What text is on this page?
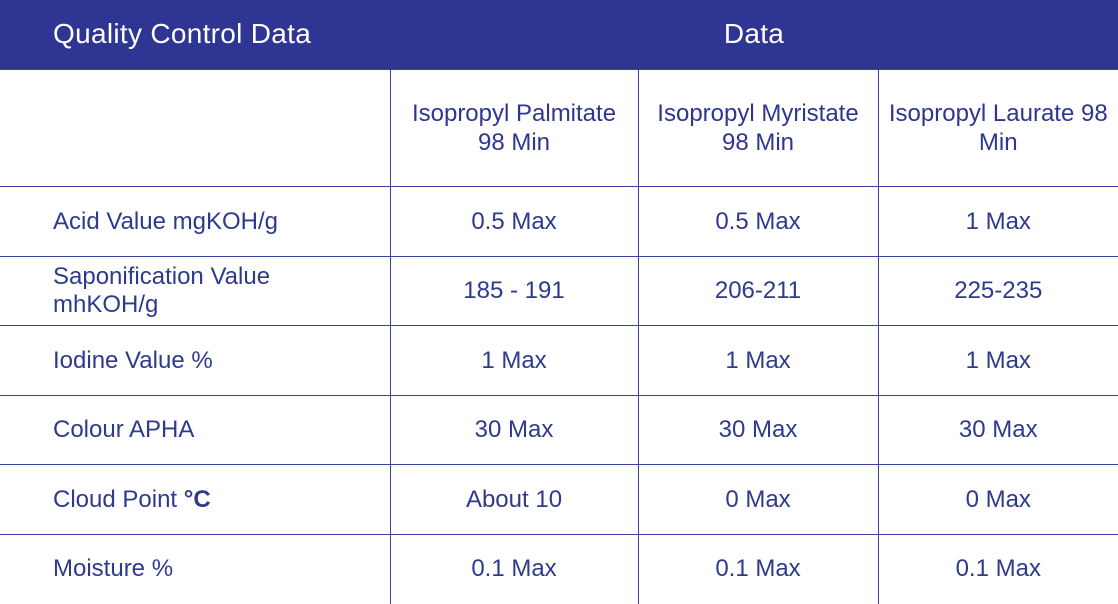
Quality Control Data	Data		
	Isopropyl Palmitate 98 Min	Isopropyl Myristate 98 Min	Isopropyl Laurate 98 Min
Acid Value mgKOH/g	0.5 Max	0.5 Max	1 Max
Saponification Value mhKOH/g	185 - 191	206-211	225-235
Iodine Value %	1 Max	1 Max	1 Max
Colour APHA	30 Max	30 Max	30 Max
Cloud Point °C	About 10	0 Max	0 Max
Moisture %	0.1 Max	0.1 Max	0.1 Max
